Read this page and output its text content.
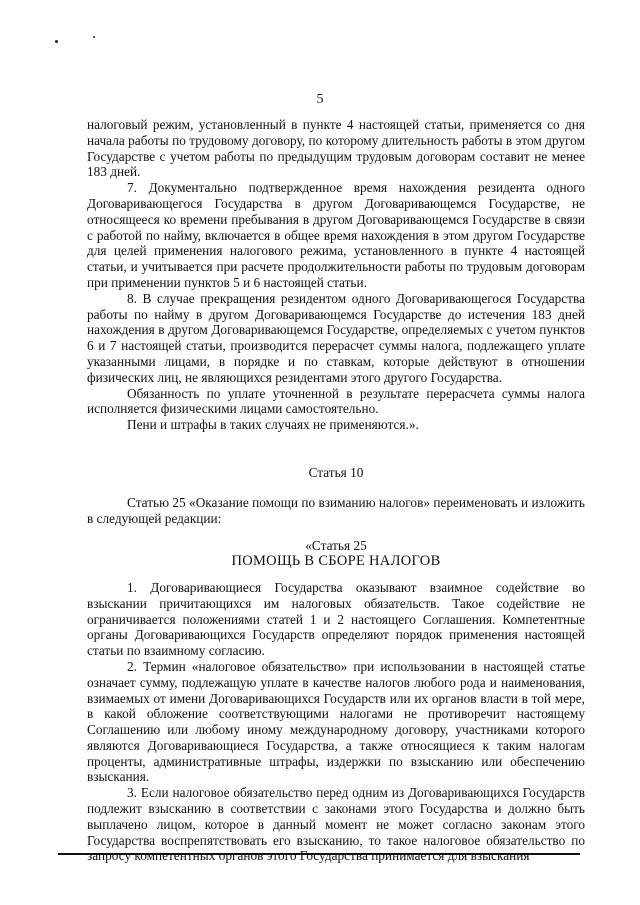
5

налоговый режим, установленный в пункте 4 настоящей статьи, применяется со дня начала работы по трудовому договору, по которому длительность работы в этом другом Государстве с учетом работы по предыдущим трудовым договорам составит не менее 183 дней.

7. Документально подтвержденное время нахождения резидента одного Договаривающегося Государства в другом Договаривающемся Государстве, не относящееся ко времени пребывания в другом Договаривающемся Государстве в связи с работой по найму, включается в общее время нахождения в этом другом Государстве для целей применения налогового режима, установленного в пункте 4 настоящей статьи, и учитывается при расчете продолжительности работы по трудовым договорам при применении пунктов 5 и 6 настоящей статьи.

8. В случае прекращения резидентом одного Договаривающегося Государства работы по найму в другом Договаривающемся Государстве до истечения 183 дней нахождения в другом Договаривающемся Государстве, определяемых с учетом пунктов 6 и 7 настоящей статьи, производится перерасчет суммы налога, подлежащего уплате указанными лицами, в порядке и по ставкам, которые действуют в отношении физических лиц, не являющихся резидентами этого другого Государства.

Обязанность по уплате уточненной в результате перерасчета суммы налога исполняется физическими лицами самостоятельно.

Пени и штрафы в таких случаях не применяются.».

Статья 10

Статью 25 «Оказание помощи по взиманию налогов» переименовать и изложить в следующей редакции:

«Статья 25

ПОМОЩЬ В СБОРЕ НАЛОГОВ

1. Договаривающиеся Государства оказывают взаимное содействие во взыскании причитающихся им налоговых обязательств. Такое содействие не ограничивается положениями статей 1 и 2 настоящего Соглашения. Компетентные органы Договаривающихся Государств определяют порядок применения настоящей статьи по взаимному согласию.

2. Термин «налоговое обязательство» при использовании в настоящей статье означает сумму, подлежащую уплате в качестве налогов любого рода и наименования, взимаемых от имени Договаривающихся Государств или их органов власти в той мере, в какой обложение соответствующими налогами не противоречит настоящему Соглашению или любому иному международному договору, участниками которого являются Договаривающиеся Государства, а также относящиеся к таким налогам проценты, административные штрафы, издержки по взысканию или обеспечению взыскания.

3. Если налоговое обязательство перед одним из Договаривающихся Государств подлежит взысканию в соответствии с законами этого Государства и должно быть выплачено лицом, которое в данный момент не может согласно законам этого Государства воспрепятствовать его взысканию, то такое налоговое обязательство по запросу компетентных органов этого Государства принимается для взыскания
